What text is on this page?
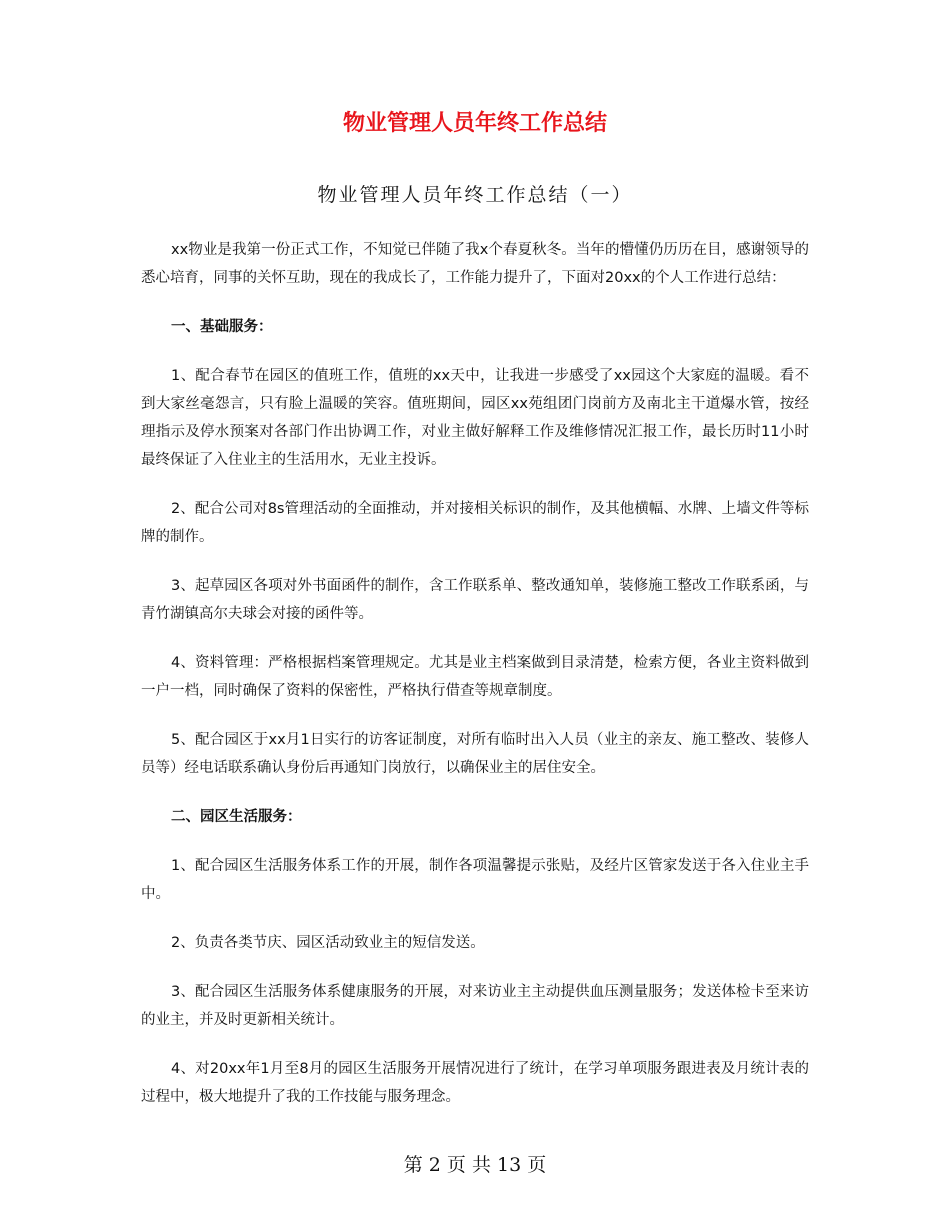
物业管理人员年终工作总结
物业管理人员年终工作总结（一）

xx物业是我第一份正式工作，不知觉已伴随了我x个春夏秋冬。当年的懵懂仍历历在目，感谢领导的悉心培育，同事的关怀互助，现在的我成长了，工作能力提升了，下面对20xx的个人工作进行总结：

一、基础服务：

1、配合春节在园区的值班工作，值班的xx天中，让我进一步感受了xx园这个大家庭的温暖。看不到大家丝毫怨言，只有脸上温暖的笑容。值班期间，园区xx苑组团门岗前方及南北主干道爆水管，按经理指示及停水预案对各部门作出协调工作，对业主做好解释工作及维修情况汇报工作，最长历时11小时最终保证了入住业主的生活用水，无业主投诉。

2、配合公司对8s管理活动的全面推动，并对接相关标识的制作，及其他横幅、水牌、上墙文件等标牌的制作。

3、起草园区各项对外书面函件的制作，含工作联系单、整改通知单，装修施工整改工作联系函，与青竹湖镇高尔夫球会对接的函件等。

4、资料管理：严格根据档案管理规定。尤其是业主档案做到目录清楚，检索方便，各业主资料做到一户一档，同时确保了资料的保密性，严格执行借查等规章制度。

5、配合园区于xx月1日实行的访客证制度，对所有临时出入人员（业主的亲友、施工整改、装修人员等）经电话联系确认身份后再通知门岗放行，以确保业主的居住安全。

二、园区生活服务：

1、配合园区生活服务体系工作的开展，制作各项温馨提示张贴，及经片区管家发送于各入住业主手中。

2、负责各类节庆、园区活动致业主的短信发送。

3、配合园区生活服务体系健康服务的开展，对来访业主主动提供血压测量服务；发送体检卡至来访的业主，并及时更新相关统计。

4、对20xx年1月至8月的园区生活服务开展情况进行了统计，在学习单项服务跟进表及月统计表的过程中，极大地提升了我的工作技能与服务理念。

第 2 页 共 13 页
